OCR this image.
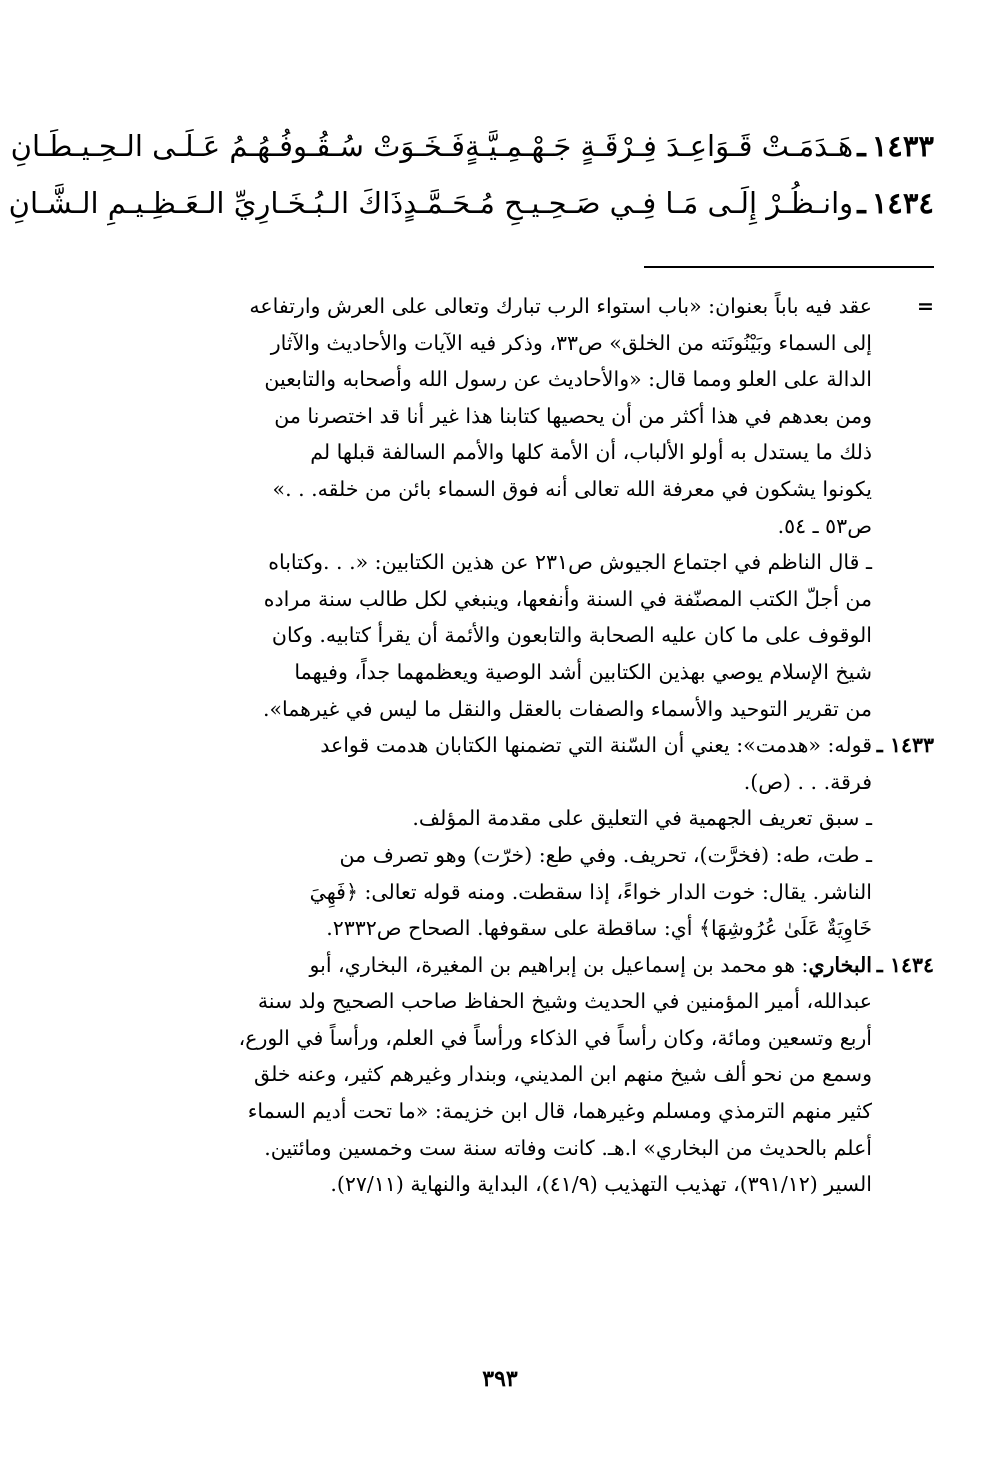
١٤٣٣
ـ
هَـدَمَـتْ قَـوَاعِـدَ فِـرْقَـةٍ جَـهْـمِـيَّـةٍ
فَـخَـوَتْ سُـقُـوفُـهُـمُ عَـلَـى الـحِـيـطَـانِ
١٤٣٤
ـ
وانـظُـرْ إِلَـى مَـا فِـي صَـحِـيـحِ مُـحَـمَّـدٍ
ذَاكَ الـبُـخَـارِيِّ الـعَـظِـيـمِ الـشَّـانِ
=

عقد فيه باباً بعنوان: «باب استواء الرب تبارك وتعالى على العرش وارتفاعه

إلى السماء وبَيْنُونَته من الخلق» ص٣٣، وذكر فيه الآيات والأحاديث والآثار

الدالة على العلو ومما قال: «والأحاديث عن رسول الله وأصحابه والتابعين

ومن بعدهم في هذا أكثر من أن يحصيها كتابنا هذا غير أنا قد اختصرنا من

ذلك ما يستدل به أولو الألباب، أن الأمة كلها والأمم السالفة قبلها لم

يكونوا يشكون في معرفة الله تعالى أنه فوق السماء بائن من خلقه. . .»

ص٥٣ ـ ٥٤.

ـ قال الناظم في اجتماع الجيوش ص٢٣١ عن هذين الكتابين: «. . .وكتاباه

من أجلّ الكتب المصنّفة في السنة وأنفعها، وينبغي لكل طالب سنة مراده

الوقوف على ما كان عليه الصحابة والتابعون والأئمة أن يقرأ كتابيه. وكان

شيخ الإسلام يوصي بهذين الكتابين أشد الوصية ويعظمهما جداً، وفيهما

من تقرير التوحيد والأسماء والصفات بالعقل والنقل ما ليس في غيرهما».

١٤٣٣ ـ

قوله: «هدمت»: يعني أن السّنة التي تضمنها الكتابان هدمت قواعد

فرقة. . . (ص).

ـ سبق تعريف الجهمية في التعليق على مقدمة المؤلف.

ـ طت، طه: (فخرَّت)، تحريف. وفي طع: (خرّت) وهو تصرف من

الناشر. يقال: خوت الدار خواءً، إذا سقطت. ومنه قوله تعالى: ﴿فَهِيَ

خَاوِيَةٌ عَلَىٰ عُرُوشِهَا﴾ أي: ساقطة على سقوفها. الصحاح ص٢٣٣٢.

١٤٣٤ ـ

البخاري: هو محمد بن إسماعيل بن إبراهيم بن المغيرة، البخاري، أبو

عبدالله، أمير المؤمنين في الحديث وشيخ الحفاظ صاحب الصحيح ولد سنة

أربع وتسعين ومائة، وكان رأساً في الذكاء ورأساً في العلم، ورأساً في الورع،

وسمع من نحو ألف شيخ منهم ابن المديني، وبندار وغيرهم كثير، وعنه خلق

كثير منهم الترمذي ومسلم وغيرهما، قال ابن خزيمة: «ما تحت أديم السماء

أعلم بالحديث من البخاري» ا.هـ. كانت وفاته سنة ست وخمسين ومائتين.

السير (٣٩١/١٢)، تهذيب التهذيب (٤١/٩)، البداية والنهاية (٢٧/١١).

٣٩٣
